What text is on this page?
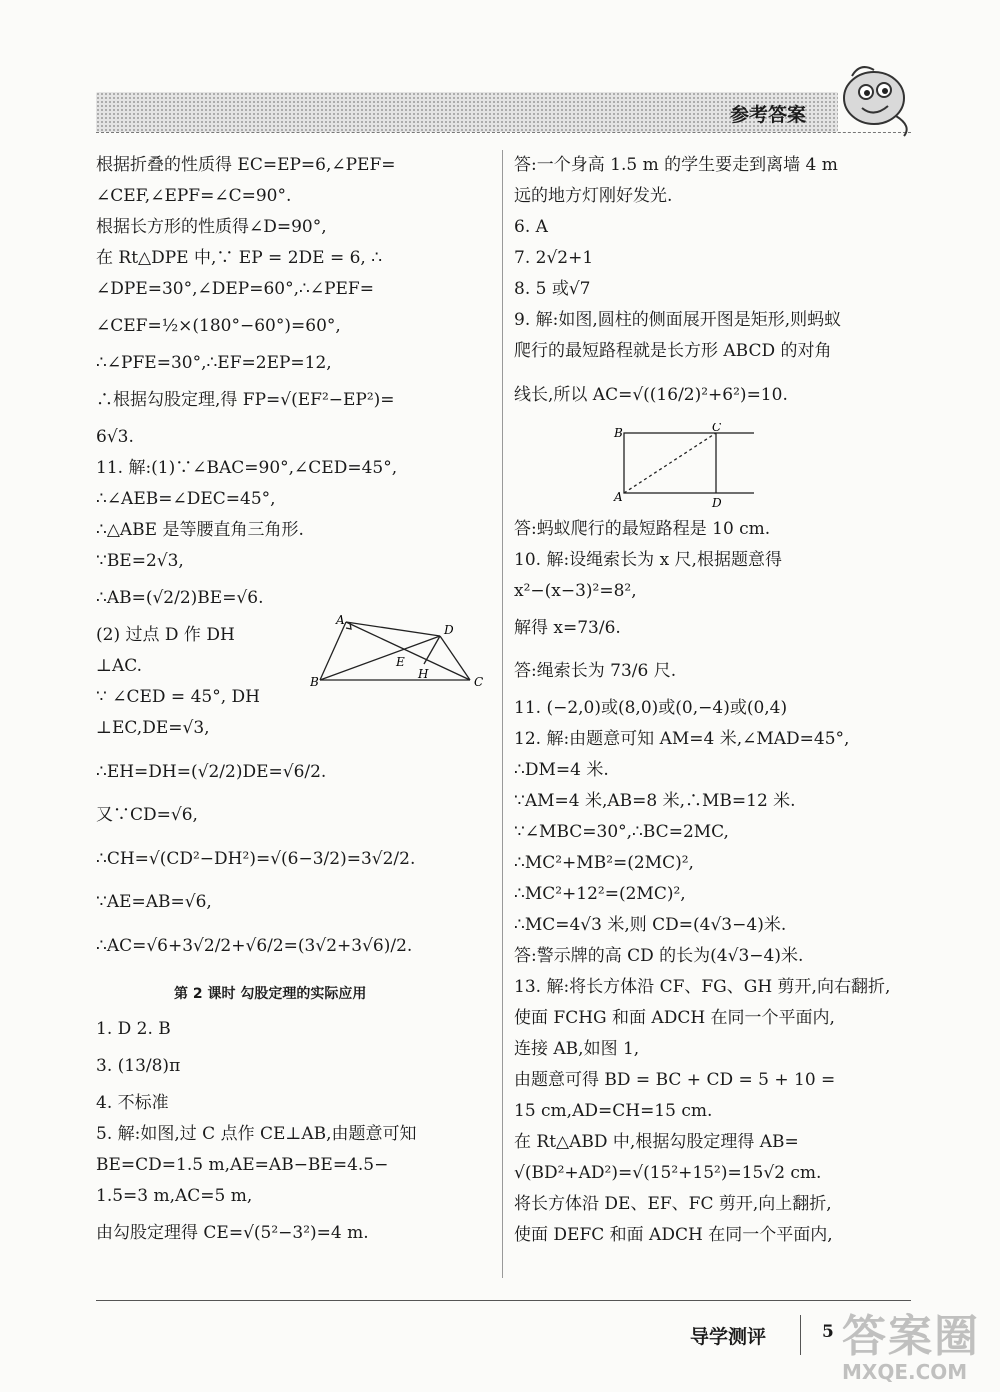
参考答案
根据折叠的性质得 EC=EP=6,∠PEF=
∠CEF,∠EPF=∠C=90°.
根据长方形的性质得∠D=90°,
在 Rt△DPE 中,∵ EP = 2DE = 6, ∴
∠DPE=30°,∠DEP=60°,∴∠PEF=
∠CEF=½×(180°−60°)=60°,
∴∠PFE=30°,∴EF=2EP=12,
∴根据勾股定理,得 FP=√(EF²−EP²)=
6√3.
11. 解:(1)∵∠BAC=90°,∠CED=45°,
∴∠AEB=∠DEC=45°,
∴△ABE 是等腰直角三角形.
∵BE=2√3,
∴AB=(√2/2)BE=√6.
(2) 过点 D 作 DH
⊥AC.
∵ ∠CED = 45°, DH
A
B	C
D
E
H
⊥EC,DE=√3,
∴EH=DH=(√2/2)DE=√6/2.
又∵CD=√6,
∴CH=√(CD²−DH²)=√(6−3/2)=3√2/2.
∵AE=AB=√6,
∴AC=√6+3√2/2+√6/2=(3√2+3√6)/2.
第 2 课时 勾股定理的实际应用
1. D 2. B
3. (13/8)π
4. 不标准
5. 解:如图,过 C 点作 CE⊥AB,由题意可知
BE=CD=1.5 m,AE=AB−BE=4.5−
1.5=3 m,AC=5 m,
由勾股定理得 CE=√(5²−3²)=4 m.
答:一个身高 1.5 m 的学生要走到离墙 4 m
远的地方灯刚好发光.
6. A
7. 2√2+1
8. 5 或√7
9. 解:如图,圆柱的侧面展开图是矩形,则蚂蚁
爬行的最短路程就是长方形 ABCD 的对角
线长,所以 AC=√((16/2)²+6²)=10.
B	C
A	D
答:蚂蚁爬行的最短路程是 10 cm.
10. 解:设绳索长为 x 尺,根据题意得
x²−(x−3)²=8²,
解得 x=73/6.
答:绳索长为 73/6 尺.
11. (−2,0)或(8,0)或(0,−4)或(0,4)
12. 解:由题意可知 AM=4 米,∠MAD=45°,
∴DM=4 米.
∵AM=4 米,AB=8 米,∴MB=12 米.
∵∠MBC=30°,∴BC=2MC,
∴MC²+MB²=(2MC)²,
∴MC²+12²=(2MC)²,
∴MC=4√3 米,则 CD=(4√3−4)米.
答:警示牌的高 CD 的长为(4√3−4)米.
13. 解:将长方体沿 CF、FG、GH 剪开,向右翻折,
使面 FCHG 和面 ADCH 在同一个平面内,
连接 AB,如图 1,
由题意可得 BD = BC + CD = 5 + 10 =
15 cm,AD=CH=15 cm.
在 Rt△ABD 中,根据勾股定理得 AB=
√(BD²+AD²)=√(15²+15²)=15√2 cm.
将长方体沿 DE、EF、FC 剪开,向上翻折,
使面 DEFC 和面 ADCH 在同一个平面内,
导学测评	5 答案圈
MXQE.COM
